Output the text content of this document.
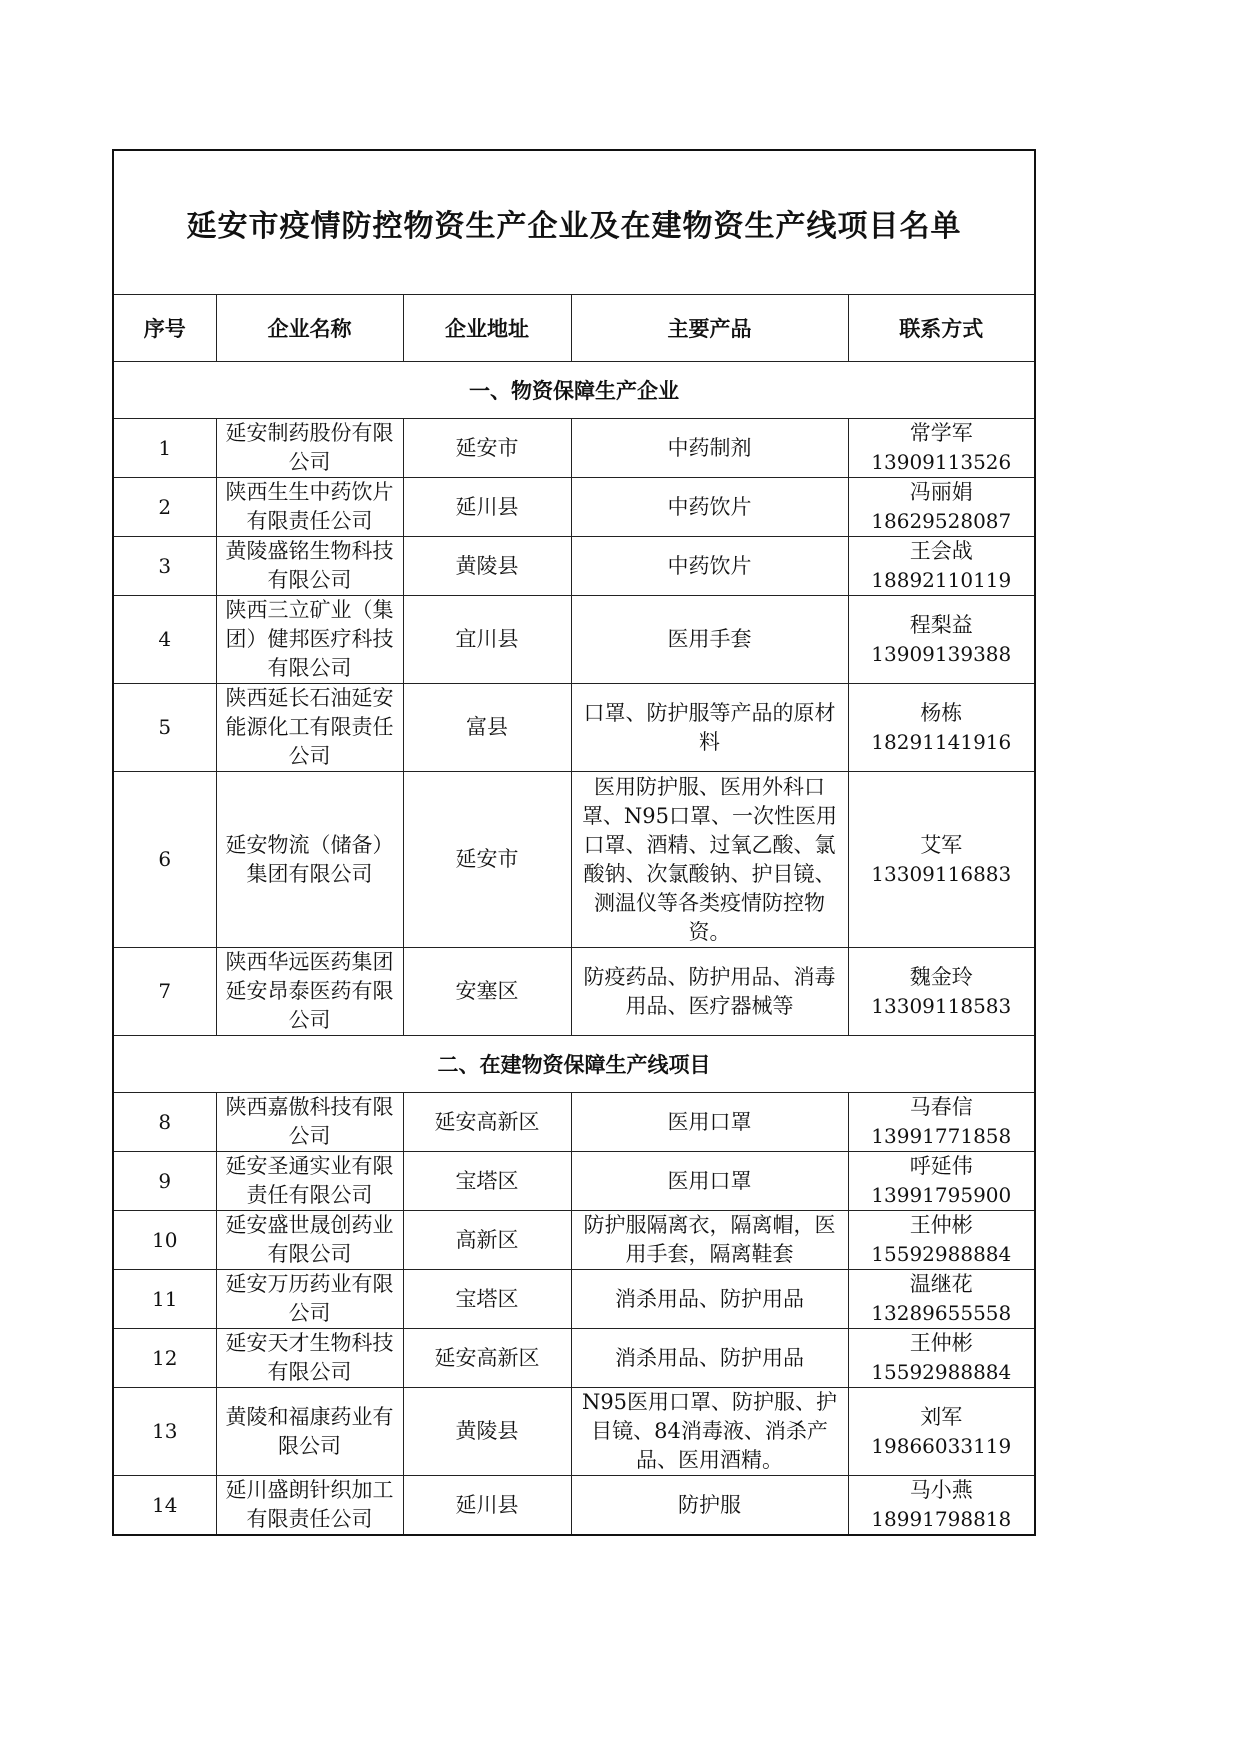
延安市疫情防控物资生产企业及在建物资生产线项目名单				
序号	企业名称	企业地址	主要产品	联系方式
一、物资保障生产企业				
1	延安制药股份有限公司	延安市	中药制剂	常学军
13909113526

2	陕西生生中药饮片有限责任公司	延川县	中药饮片	冯丽娟
18629528087

3	黄陵盛铭生物科技有限公司	黄陵县	中药饮片	王会战
18892110119

4	陕西三立矿业（集团）健邦医疗科技有限公司	宜川县	医用手套	程梨益
13909139388

5	陕西延长石油延安能源化工有限责任公司	富县	口罩、防护服等产品的原材料	杨栋
18291141916

6	延安物流（储备）集团有限公司	延安市	医用防护服、医用外科口罩、N95口罩、一次性医用口罩、酒精、过氧乙酸、氯酸钠、次氯酸钠、护目镜、测温仪等各类疫情防控物资。	艾军
13309116883

7	陕西华远医药集团延安昂泰医药有限公司	安塞区	防疫药品、防护用品、消毒用品、医疗器械等	魏金玲
13309118583

二、在建物资保障生产线项目				
8	陕西嘉傲科技有限公司	延安高新区	医用口罩	马春信
13991771858

9	延安圣通实业有限责任有限公司	宝塔区	医用口罩	呼延伟
13991795900

10	延安盛世晟创药业有限公司	高新区	防护服隔离衣，隔离帽，医用手套，隔离鞋套	王仲彬
15592988884

11	延安万历药业有限公司	宝塔区	消杀用品、防护用品	温继花
13289655558

12	延安天才生物科技有限公司	延安高新区	消杀用品、防护用品	王仲彬
15592988884

13	黄陵和福康药业有限公司	黄陵县	N95医用口罩、防护服、护目镜、84消毒液、消杀产品、医用酒精。	刘军
19866033119

14	延川盛朗针织加工有限责任公司	延川县	防护服	马小燕
18991798818
